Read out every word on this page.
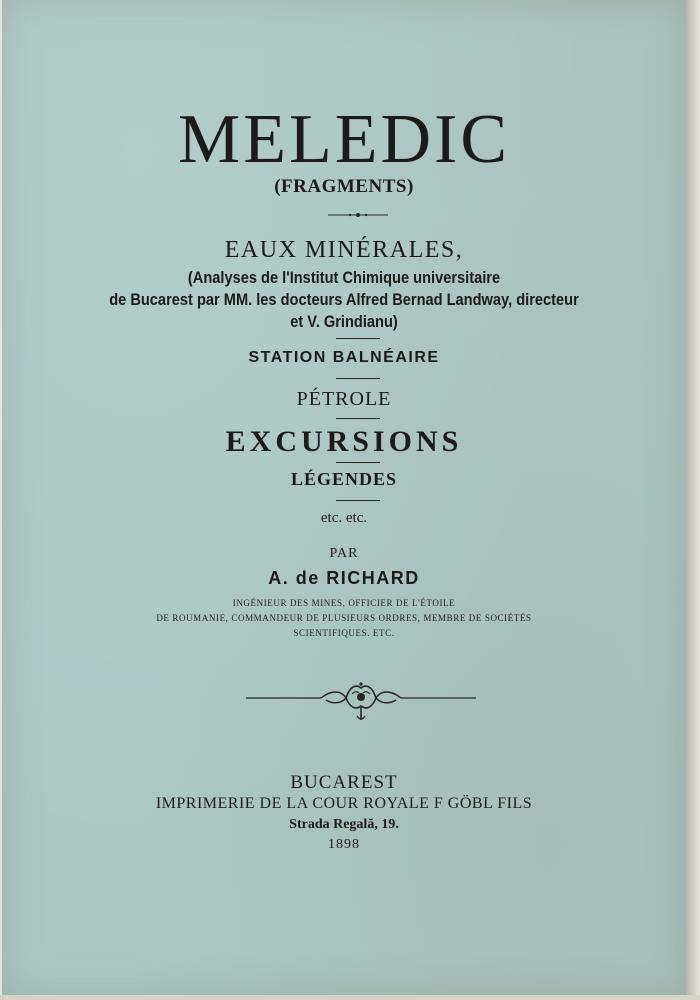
MELEDIC
(FRAGMENTS)
EAUX MINÉRALES,
(Analyses de l'Institut Chimique universitaire
de Bucarest par MM. les docteurs Alfred Bernad Landway, directeur
et V. Grindianu)
STATION BALNÉAIRE
PÉTROLE
EXCURSIONS
LÉGENDES
etc. etc.
PAR
A. de RICHARD
INGÉNIEUR DES MINES, OFFICIER DE L'ÉTOILE
DE ROUMANIE, COMMANDEUR DE PLUSIEURS ORDRES, MEMBRE DE SOCIÉTÉS
SCIENTIFIQUES. ETC.
BUCAREST
IMPRIMERIE DE LA COUR ROYALE F GÖBL FILS
Strada Regală, 19.
1898
